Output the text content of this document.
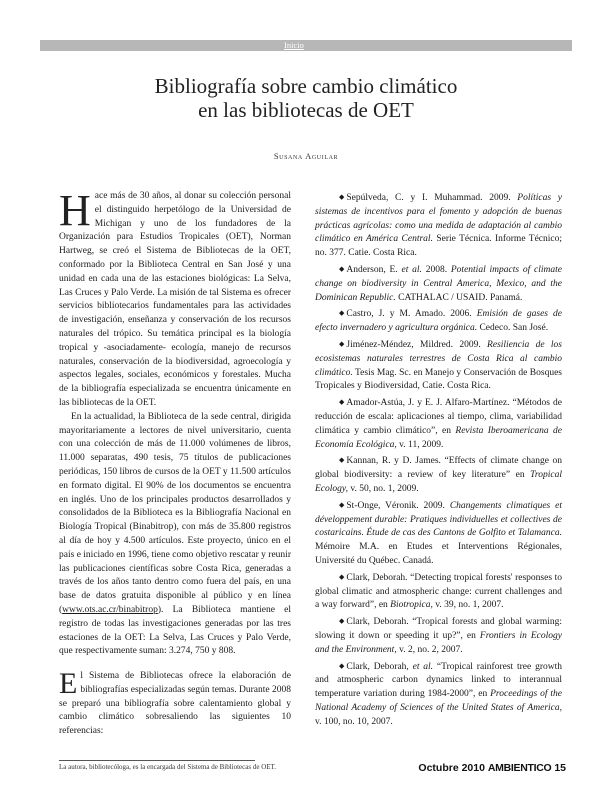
Inicio
Bibliografía sobre cambio climático
en las bibliotecas de OET
Susana Aguilar

Hace más de 30 años, al donar su colección personal el distinguido herpetólogo de la Universidad de Michigan y uno de los fundadores de la Organización para Estudios Tropicales (OET), Norman Hartweg, se creó el Sistema de Bibliotecas de la OET, conformado por la Biblioteca Central en San José y una unidad en cada una de las estaciones biológicas: La Selva, Las Cruces y Palo Verde. La misión de tal Sistema es ofrecer servicios bibliotecarios fundamentales para las actividades de investigación, enseñanza y conservación de los recursos naturales del trópico. Su temática principal es la biología tropical y -asociadamente- ecología, manejo de recursos naturales, conservación de la biodiversidad, agroecología y aspectos legales, sociales, económicos y forestales. Mucha de la bibliografía especializada se encuentra únicamente en las bibliotecas de la OET.

En la actualidad, la Biblioteca de la sede central, dirigida mayoritariamente a lectores de nivel universitario, cuenta con una colección de más de 11.000 volúmenes de libros, 11.000 separatas, 490 tesis, 75 títulos de publicaciones periódicas, 150 libros de cursos de la OET y 11.500 artículos en formato digital. El 90% de los documentos se encuentra en inglés. Uno de los principales productos desarrollados y consolidados de la Biblioteca es la Bibliografía Nacional en Biología Tropical (Binabitrop), con más de 35.800 registros al día de hoy y 4.500 artículos. Este proyecto, único en el país e iniciado en 1996, tiene como objetivo rescatar y reunir las publicaciones científicas sobre Costa Rica, generadas a través de los años tanto dentro como fuera del país, en una base de datos gratuita disponible al público y en línea (www.ots.ac.cr/binabitrop). La Biblioteca mantiene el registro de todas las investigaciones generadas por las tres estaciones de la OET: La Selva, Las Cruces y Palo Verde, que respectivamente suman: 3.274, 750 y 808.

El Sistema de Bibliotecas ofrece la elaboración de bibliografías especializadas según temas. Durante 2008 se preparó una bibliografía sobre calentamiento global y cambio climático sobresaliendo las siguientes 10 referencias:

◆ Sepúlveda, C. y I. Muhammad. 2009. Políticas y sistemas de incentivos para el fomento y adopción de buenas prácticas agrícolas: como una medida de adaptación al cambio climático en América Central. Serie Técnica. Informe Técnico; no. 377. Catie. Costa Rica.

◆ Anderson, E. et al. 2008. Potential impacts of climate change on biodiversity in Central America, Mexico, and the Dominican Republic. CATHALAC / USAID. Panamá.

◆ Castro, J. y M. Amado. 2006. Emisión de gases de efecto invernadero y agricultura orgánica. Cedeco. San José.

◆ Jiménez-Méndez, Mildred. 2009. Resiliencia de los ecosistemas naturales terrestres de Costa Rica al cambio climático. Tesis Mag. Sc. en Manejo y Conservación de Bosques Tropicales y Biodiversidad, Catie. Costa Rica.

◆ Amador-Astúa, J. y E. J. Alfaro-Martínez. “Métodos de reducción de escala: aplicaciones al tiempo, clima, variabilidad climática y cambio climático”, en Revista Iberoamericana de Economía Ecológica, v. 11, 2009.

◆ Kannan, R. y D. James. “Effects of climate change on global biodiversity: a review of key literature” en Tropical Ecology, v. 50, no. 1, 2009.

◆ St-Onge, Véronik. 2009. Changements climatiques et développement durable: Pratiques individuelles et collectives de costaricains. Étude de cas des Cantons de Golfito et Talamanca. Mémoire M.A. en Etudes et Interventions Régionales, Université du Québec. Canadá.

◆ Clark, Deborah. “Detecting tropical forests' responses to global climatic and atmospheric change: current challenges and a way forward”, en Biotropica, v. 39, no. 1, 2007.

◆ Clark, Deborah. “Tropical forests and global warming: slowing it down or speeding it up?”, en Frontiers in Ecology and the Environment, v. 2, no. 2, 2007.

◆ Clark, Deborah, et al. “Tropical rainforest tree growth and atmospheric carbon dynamics linked to interannual temperature variation during 1984-2000”, en Proceedings of the National Academy of Sciences of the United States of America, v. 100, no. 10, 2007.

La autora, bibliotecóloga, es la encargada del Sistema de Bibliotecas de OET.	Octubre 2010 AMBIENTICO 15
